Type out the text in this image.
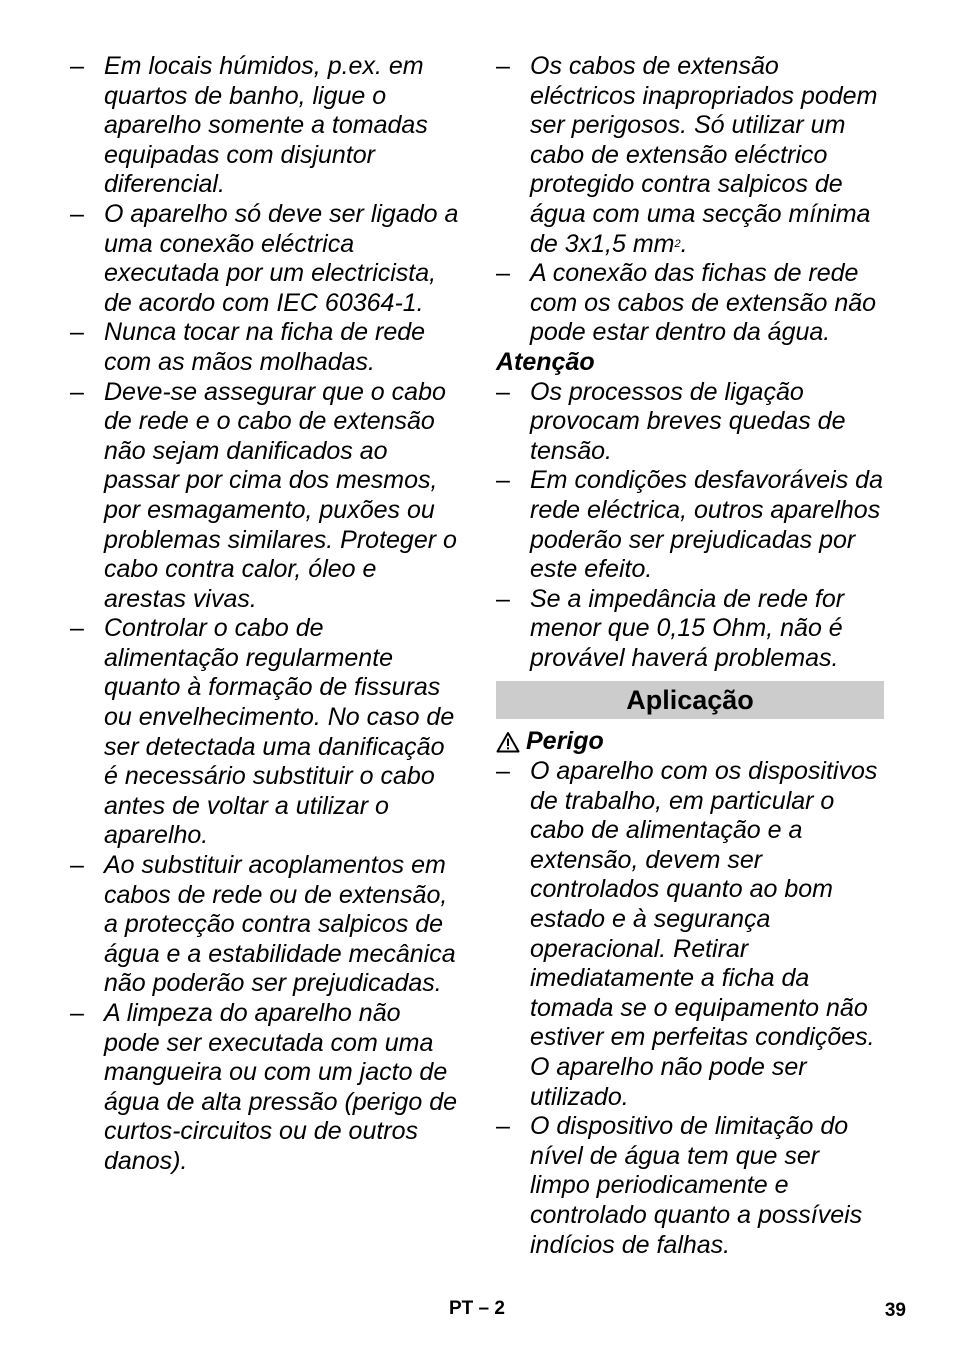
– Em locais húmidos, p.ex. em quartos de banho, ligue o aparelho somente a tomadas equipadas com disjuntor diferencial.
– O aparelho só deve ser ligado a uma conexão eléctrica executada por um electricista, de acordo com IEC 60364-1.
– Nunca tocar na ficha de rede com as mãos molhadas.
– Deve-se assegurar que o cabo de rede e o cabo de extensão não sejam danificados ao passar por cima dos mesmos, por esmagamento, puxões ou problemas similares. Proteger o cabo contra calor, óleo e arestas vivas.
– Controlar o cabo de alimentação regularmente quanto à formação de fissuras ou envelhecimento. No caso de ser detectada uma danificação é necessário substituir o cabo antes de voltar a utilizar o aparelho.
– Ao substituir acoplamentos em cabos de rede ou de extensão, a protecção contra salpicos de água e a estabilidade mecânica não poderão ser prejudicadas.
– A limpeza do aparelho não pode ser executada com uma mangueira ou com um jacto de água de alta pressão (perigo de curtos-circuitos ou de outros danos).
– Os cabos de extensão eléctricos inapropriados podem ser perigosos. Só utilizar um cabo de extensão eléctrico protegido contra salpicos de água com uma secção mínima de 3x1,5 $mm^2$.
– A conexão das fichas de rede com os cabos de extensão não pode estar dentro da água.
Atenção
– Os processos de ligação provocam breves quedas de tensão.
– Em condições desfavoráveis da rede eléctrica, outros aparelhos poderão ser prejudicadas por este efeito.
– Se a impedância de rede for menor que 0,15 Ohm, não é provável haverá problemas.
Aplicação
Perigo
– O aparelho com os dispositivos de trabalho, em particular o cabo de alimentação e a extensão, devem ser controlados quanto ao bom estado e à segurança operacional. Retirar imediatamente a ficha da tomada se o equipamento não estiver em perfeitas condições. O aparelho não pode ser utilizado.
– O dispositivo de limitação do nível de água tem que ser limpo periodicamente e controlado quanto a possíveis indícios de falhas.
PT – 2	39
